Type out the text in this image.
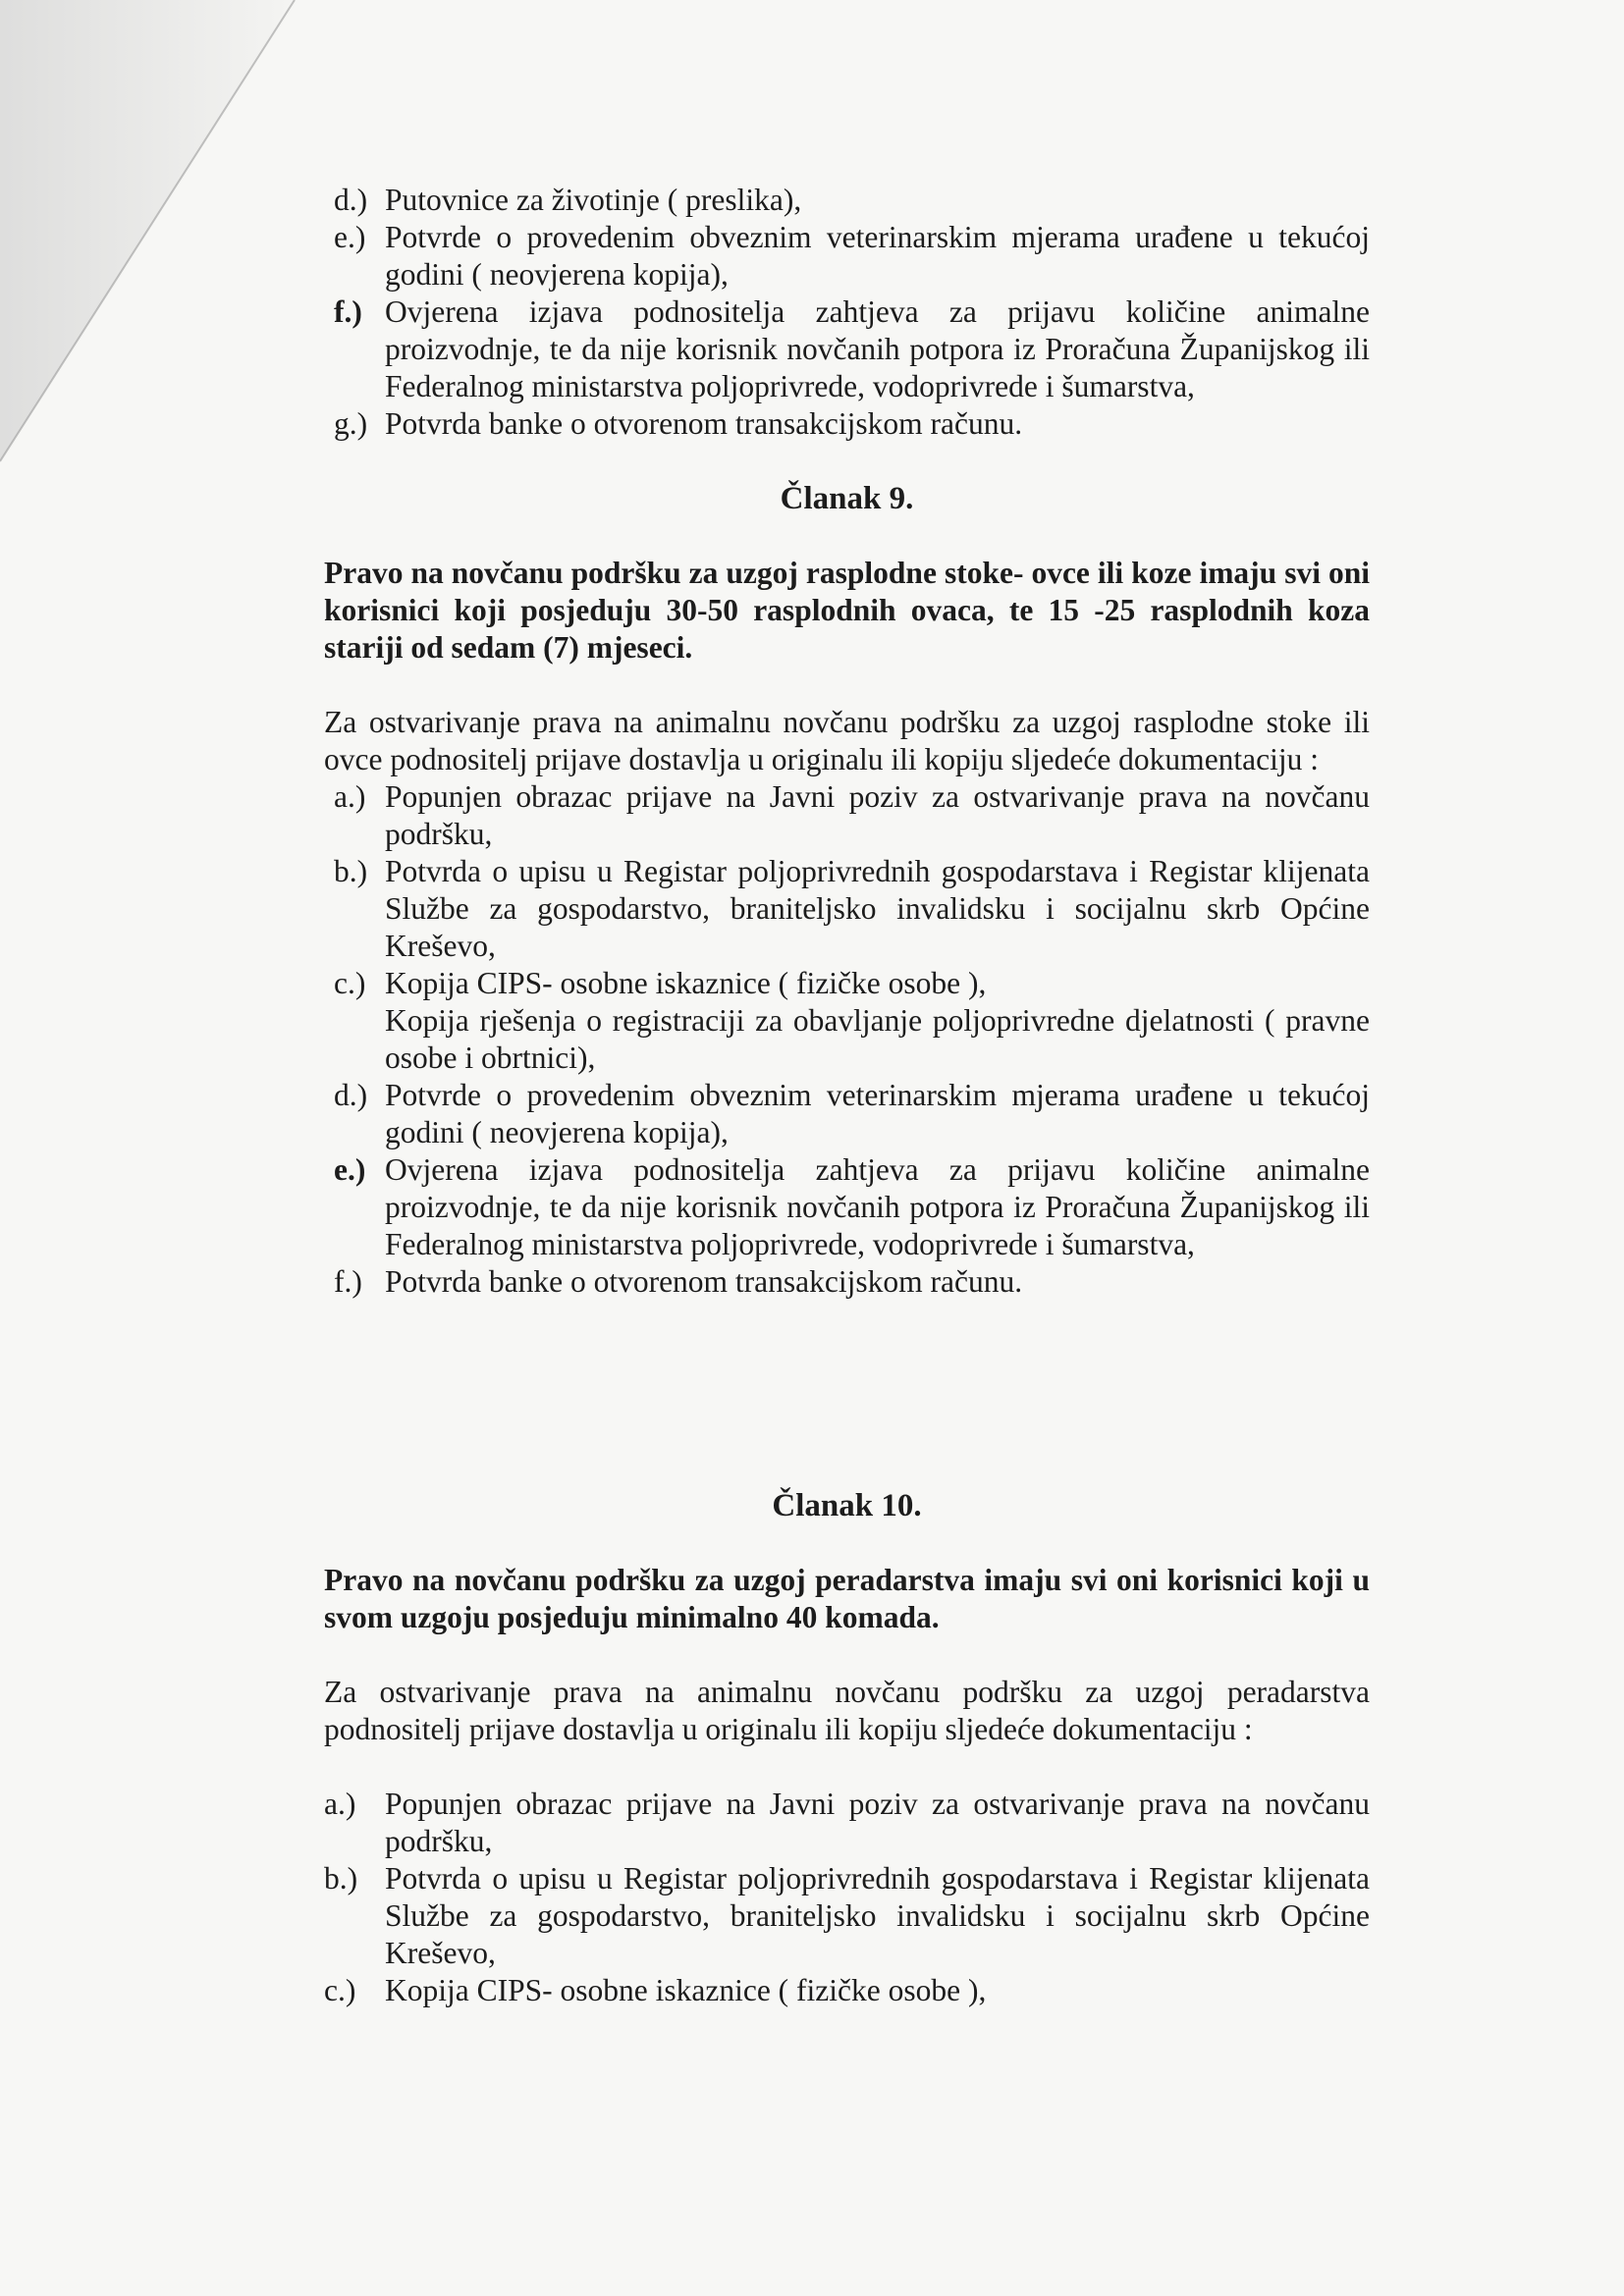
d.) Putovnice za životinje ( preslika),
e.) Potvrde o provedenim obveznim veterinarskim mjerama urađene u tekućoj godini ( neovjerena kopija),
f.) Ovjerena izjava podnositelja zahtjeva za prijavu količine animalne proizvodnje, te da nije korisnik novčanih potpora iz Proračuna Županijskog ili Federalnog ministarstva poljoprivrede, vodoprivrede i šumarstva,
g.) Potvrda banke o otvorenom transakcijskom računu.
Članak 9.

Pravo na novčanu podršku za uzgoj rasplodne stoke- ovce ili koze imaju svi oni korisnici koji posjeduju 30-50 rasplodnih ovaca, te 15 -25 rasplodnih koza stariji od sedam (7) mjeseci.

Za ostvarivanje prava na animalnu novčanu podršku za uzgoj rasplodne stoke ili ovce podnositelj prijave dostavlja u originalu ili kopiju sljedeće dokumentaciju :

a.) Popunjen obrazac prijave na Javni poziv za ostvarivanje prava na novčanu podršku,
b.) Potvrda o upisu u Registar poljoprivrednih gospodarstava i Registar klijenata Službe za gospodarstvo, braniteljsko invalidsku i socijalnu skrb Općine Kreševo,
c.) Kopija CIPS- osobne iskaznice ( fizičke osobe ),
Kopija rješenja o registraciji za obavljanje poljoprivredne djelatnosti ( pravne osobe i obrtnici),
d.) Potvrde o provedenim obveznim veterinarskim mjerama urađene u tekućoj godini ( neovjerena kopija),
e.) Ovjerena izjava podnositelja zahtjeva za prijavu količine animalne proizvodnje, te da nije korisnik novčanih potpora iz Proračuna Županijskog ili Federalnog ministarstva poljoprivrede, vodoprivrede i šumarstva,
f.) Potvrda banke o otvorenom transakcijskom računu.
Članak 10.

Pravo na novčanu podršku za uzgoj peradarstva imaju svi oni korisnici koji u svom uzgoju posjeduju minimalno 40 komada.

Za ostvarivanje prava na animalnu novčanu podršku za uzgoj peradarstva podnositelj prijave dostavlja u originalu ili kopiju sljedeće dokumentaciju :

a.) Popunjen obrazac prijave na Javni poziv za ostvarivanje prava na novčanu podršku,
b.) Potvrda o upisu u Registar poljoprivrednih gospodarstava i Registar klijenata Službe za gospodarstvo, braniteljsko invalidsku i socijalnu skrb Općine Kreševo,
c.) Kopija CIPS- osobne iskaznice ( fizičke osobe ),
